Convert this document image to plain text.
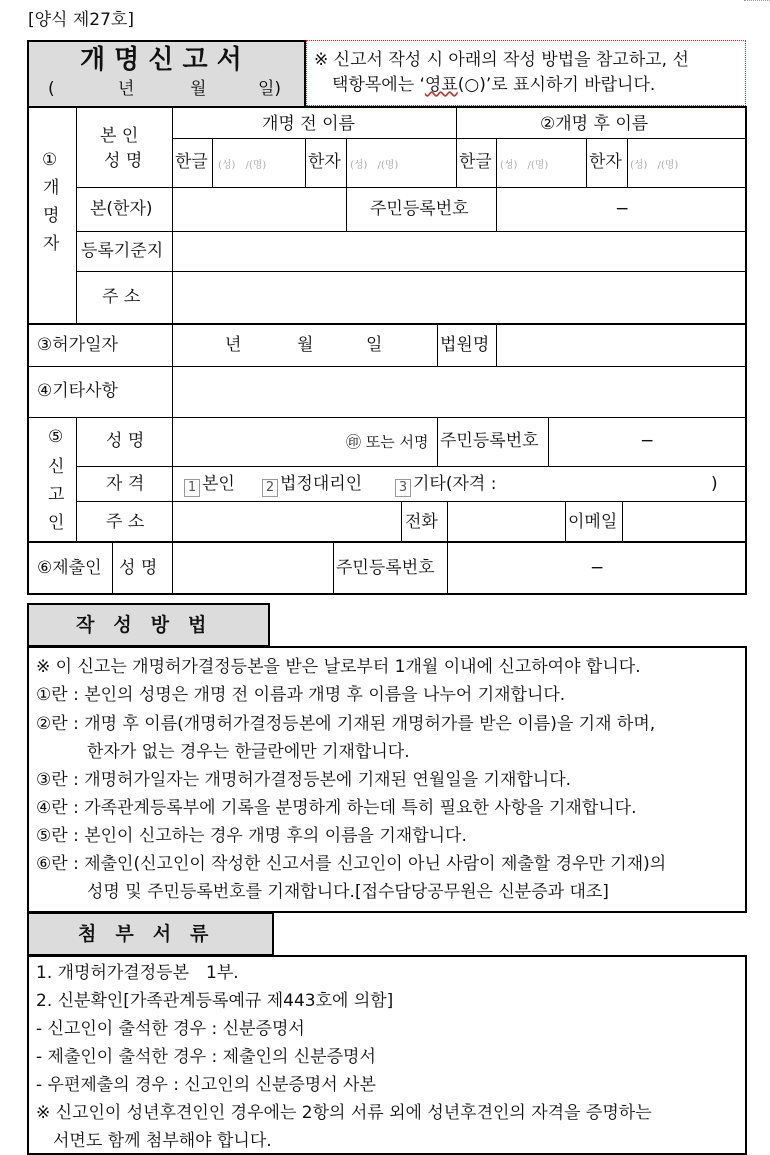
[양식 제27호]
개 명 신 고 서
(	년	월	일)
※ 신고서 작성 시 아래의 작성 방법을 참고하고, 선
택항목에는 ‘영표(○)’로 표시하기 바랍니다.
①
개
명
자
본 인
성 명
개명 전 이름	②개명 후 이름
한글 (성)　/(명) 한자 (성)　/(명)	한글 (성)　/(명) 한자 (성)　/(명)
본(한자)	주민등록번호	−
등록기준지
주 소
③허가일자	년	월	일	법원명
④기타사항
⑤
신
고
인
성 명	㊞ 또는 서명 주민등록번호	−
자 격	1 본인 2 법정대리인	3 기타(자격 :	)
주 소	전화	이메일
⑥제출인 성 명	주민등록번호	−
작　성　방　법
※ 이 신고는 개명허가결정등본을 받은 날로부터 1개월 이내에 신고하여야 합니다.
①란 : 본인의 성명은 개명 전 이름과 개명 후 이름을 나누어 기재합니다.
②란 : 개명 후 이름(개명허가결정등본에 기재된 개명허가를 받은 이름)을 기재 하며,
　　　한자가 없는 경우는 한글란에만 기재합니다.
③란 : 개명허가일자는 개명허가결정등본에 기재된 연월일을 기재합니다.
④란 : 가족관계등록부에 기록을 분명하게 하는데 특히 필요한 사항을 기재합니다.
⑤란 : 본인이 신고하는 경우 개명 후의 이름을 기재합니다.
⑥란 : 제출인(신고인이 작성한 신고서를 신고인이 아닌 사람이 제출할 경우만 기재)의
　　　성명 및 주민등록번호를 기재합니다.[접수담당공무원은 신분증과 대조]
첨　부　서　류
1. 개명허가결정등본　1부.
2. 신분확인[가족관계등록예규 제443호에 의함]
- 신고인이 출석한 경우 : 신분증명서
- 제출인이 출석한 경우 : 제출인의 신분증명서
- 우편제출의 경우 : 신고인의 신분증명서 사본
※ 신고인이 성년후견인인 경우에는 2항의 서류 외에 성년후견인의 자격을 증명하는
　서면도 함께 첨부해야 합니다.
